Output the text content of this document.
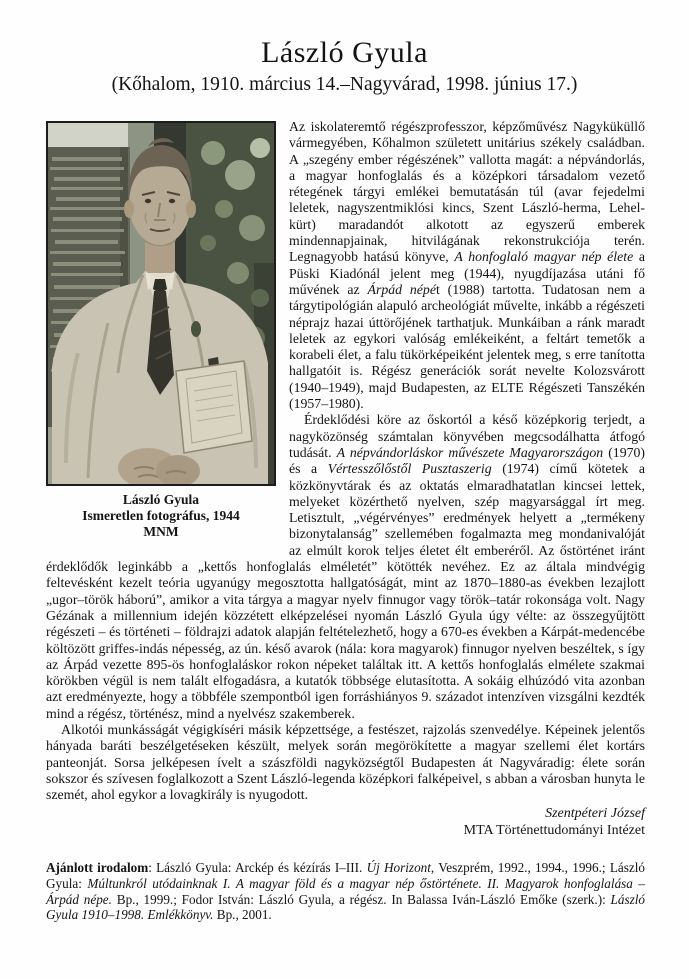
László Gyula
(Kőhalom, 1910. március 14.–Nagyvárad, 1998. június 17.)
László Gyula
Ismeretlen fotográfus, 1944
MNM

Az iskolateremtő régészprofesszor, képzőművész Nagyküküllő vármegyében, Kőhalmon született unitárius székely családban. A „szegény ember régészének” vallotta magát: a népvándorlás, a magyar honfoglalás és a középkori társadalom vezető rétegének tárgyi emlékei bemutatásán túl (avar fejedelmi leletek, nagyszentmiklósi kincs, Szent László-herma, Lehel-kürt) maradandót alkotott az egyszerű emberek mindennapjainak, hitvilágának rekonstrukciója terén. Legnagyobb hatású könyve, A honfoglaló magyar nép élete a Püski Kiadónál jelent meg (1944), nyugdíjazása utáni fő művének az Árpád népét (1988) tartotta. Tudatosan nem a tárgytipológián alapuló archeológiát művelte, inkább a régészeti néprajz hazai úttörőjének tarthatjuk. Munkáiban a ránk maradt leletek az egykori valóság emlékeiként, a feltárt temetők a korabeli élet, a falu tükörképeiként jelentek meg, s erre tanította hallgatóit is. Régész generációk sorát nevelte Kolozsvárott (1940–1949), majd Budapesten, az ELTE Régészeti Tanszékén (1957–1980).

Érdeklődési köre az őskortól a késő középkorig terjedt, a nagyközönség számtalan könyvében megcsodálhatta átfogó tudását. A népvándorláskor művészete Magyarországon (1970) és a Vértesszőlőstől Pusztaszerig (1974) című kötetek a közkönyvtárak és az oktatás elmaradhatatlan kincsei lettek, melyeket közérthető nyelven, szép magyarsággal írt meg. Letisztult, „végérvényes” eredmények helyett a „termékeny bizonytalanság” szellemében fogalmazta meg mondanivalóját az elmúlt korok teljes életet élt emberéről. Az őstörténet iránt érdeklődők leginkább a „kettős honfoglalás elméletét” kötötték nevéhez. Ez az általa mindvégig feltevésként kezelt teória ugyanúgy megosztotta hallgatóságát, mint az 1870–1880-as években lezajlott „ugor–török háború”, amikor a vita tárgya a magyar nyelv finnugor vagy török–tatár rokonsága volt. Nagy Gézának a millennium idején közzétett elképzelései nyomán László Gyula úgy vélte: az összegyűjtött régészeti – és történeti – földrajzi adatok alapján feltételezhető, hogy a 670-es években a Kárpát-medencébe költözött griffes-indás népesség, az ún. késő avarok (nála: kora magyarok) finnugor nyelven beszéltek, s így az Árpád vezette 895-ös honfoglaláskor rokon népeket találtak itt. A kettős honfoglalás elmélete szakmai körökben végül is nem talált elfogadásra, a kutatók többsége elutasította. A sokáig elhúzódó vita azonban azt eredményezte, hogy a többféle szempontból igen forráshiányos 9. századot intenzíven vizsgálni kezdték mind a régész, történész, mind a nyelvész szakemberek.

Alkotói munkásságát végigkíséri másik képzettsége, a festészet, rajzolás szenvedélye. Képeinek jelentős hányada baráti beszélgetéseken készült, melyek során megörökítette a magyar szellemi élet kortárs panteonját. Sorsa jelképesen ívelt a szászföldi nagyközségtől Budapesten át Nagyváradig: élete során sokszor és szívesen foglalkozott a Szent László-legenda középkori falképeivel, s abban a városban hunyta le szemét, ahol egykor a lovagkirály is nyugodott.

Szentpéteri József
MTA Történettudományi Intézet

Ajánlott irodalom: László Gyula: Arckép és kézírás I–III. Új Horizont, Veszprém, 1992., 1994., 1996.; László Gyula: Múltunkról utódainknak I. A magyar föld és a magyar nép őstörténete. II. Magyarok honfoglalása – Árpád népe. Bp., 1999.; Fodor István: László Gyula, a régész. In Balassa Iván-László Emőke (szerk.): László Gyula 1910–1998. Emlékkönyv. Bp., 2001.
